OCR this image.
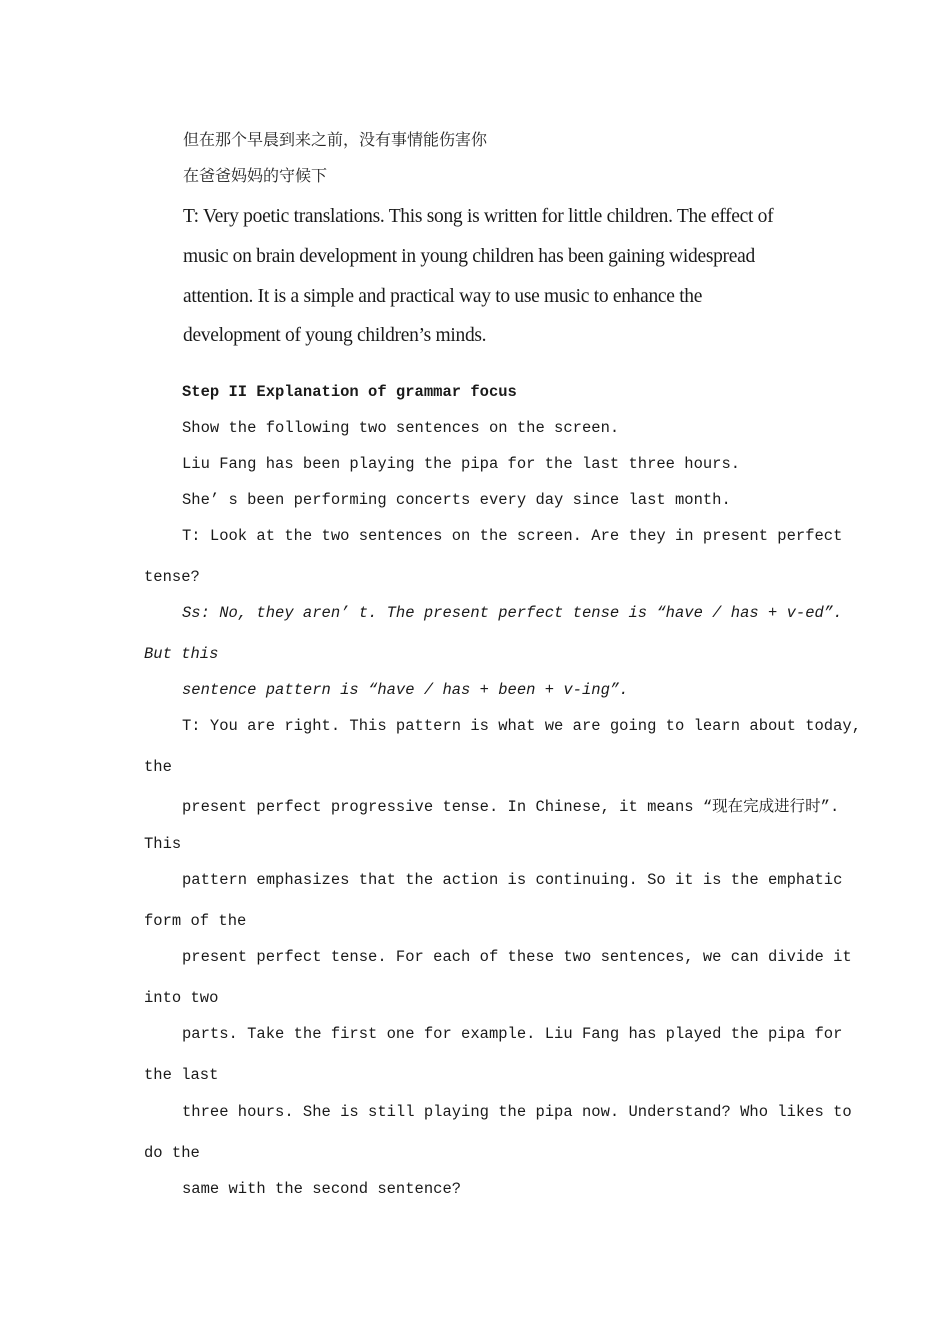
但在那个早晨到来之前，没有事情能伤害你
在爸爸妈妈的守候下
T: Very poetic translations. This song is written for little children. The effect of
music on brain development in young children has been gaining widespread
attention. It is a simple and practical way to use music to enhance the
development of young children’s minds.
Step II Explanation of grammar focus
Show the following two sentences on the screen.
Liu Fang has been playing the pipa for the last three hours.
She’ s been performing concerts every day since last month.
T: Look at the two sentences on the screen. Are they in present perfect
tense?
Ss: No, they aren’ t. The present perfect tense is “have / has + v-ed”.
But this
sentence pattern is “have / has + been + v-ing”.
T: You are right. This pattern is what we are going to learn about today,
the
present perfect progressive tense. In Chinese, it means “现在完成进行时”.
This
pattern emphasizes that the action is continuing. So it is the emphatic
form of the
present perfect tense. For each of these two sentences, we can divide it
into two
parts. Take the first one for example. Liu Fang has played the pipa for
the last
three hours. She is still playing the pipa now. Understand? Who likes to
do the
same with the second sentence?
